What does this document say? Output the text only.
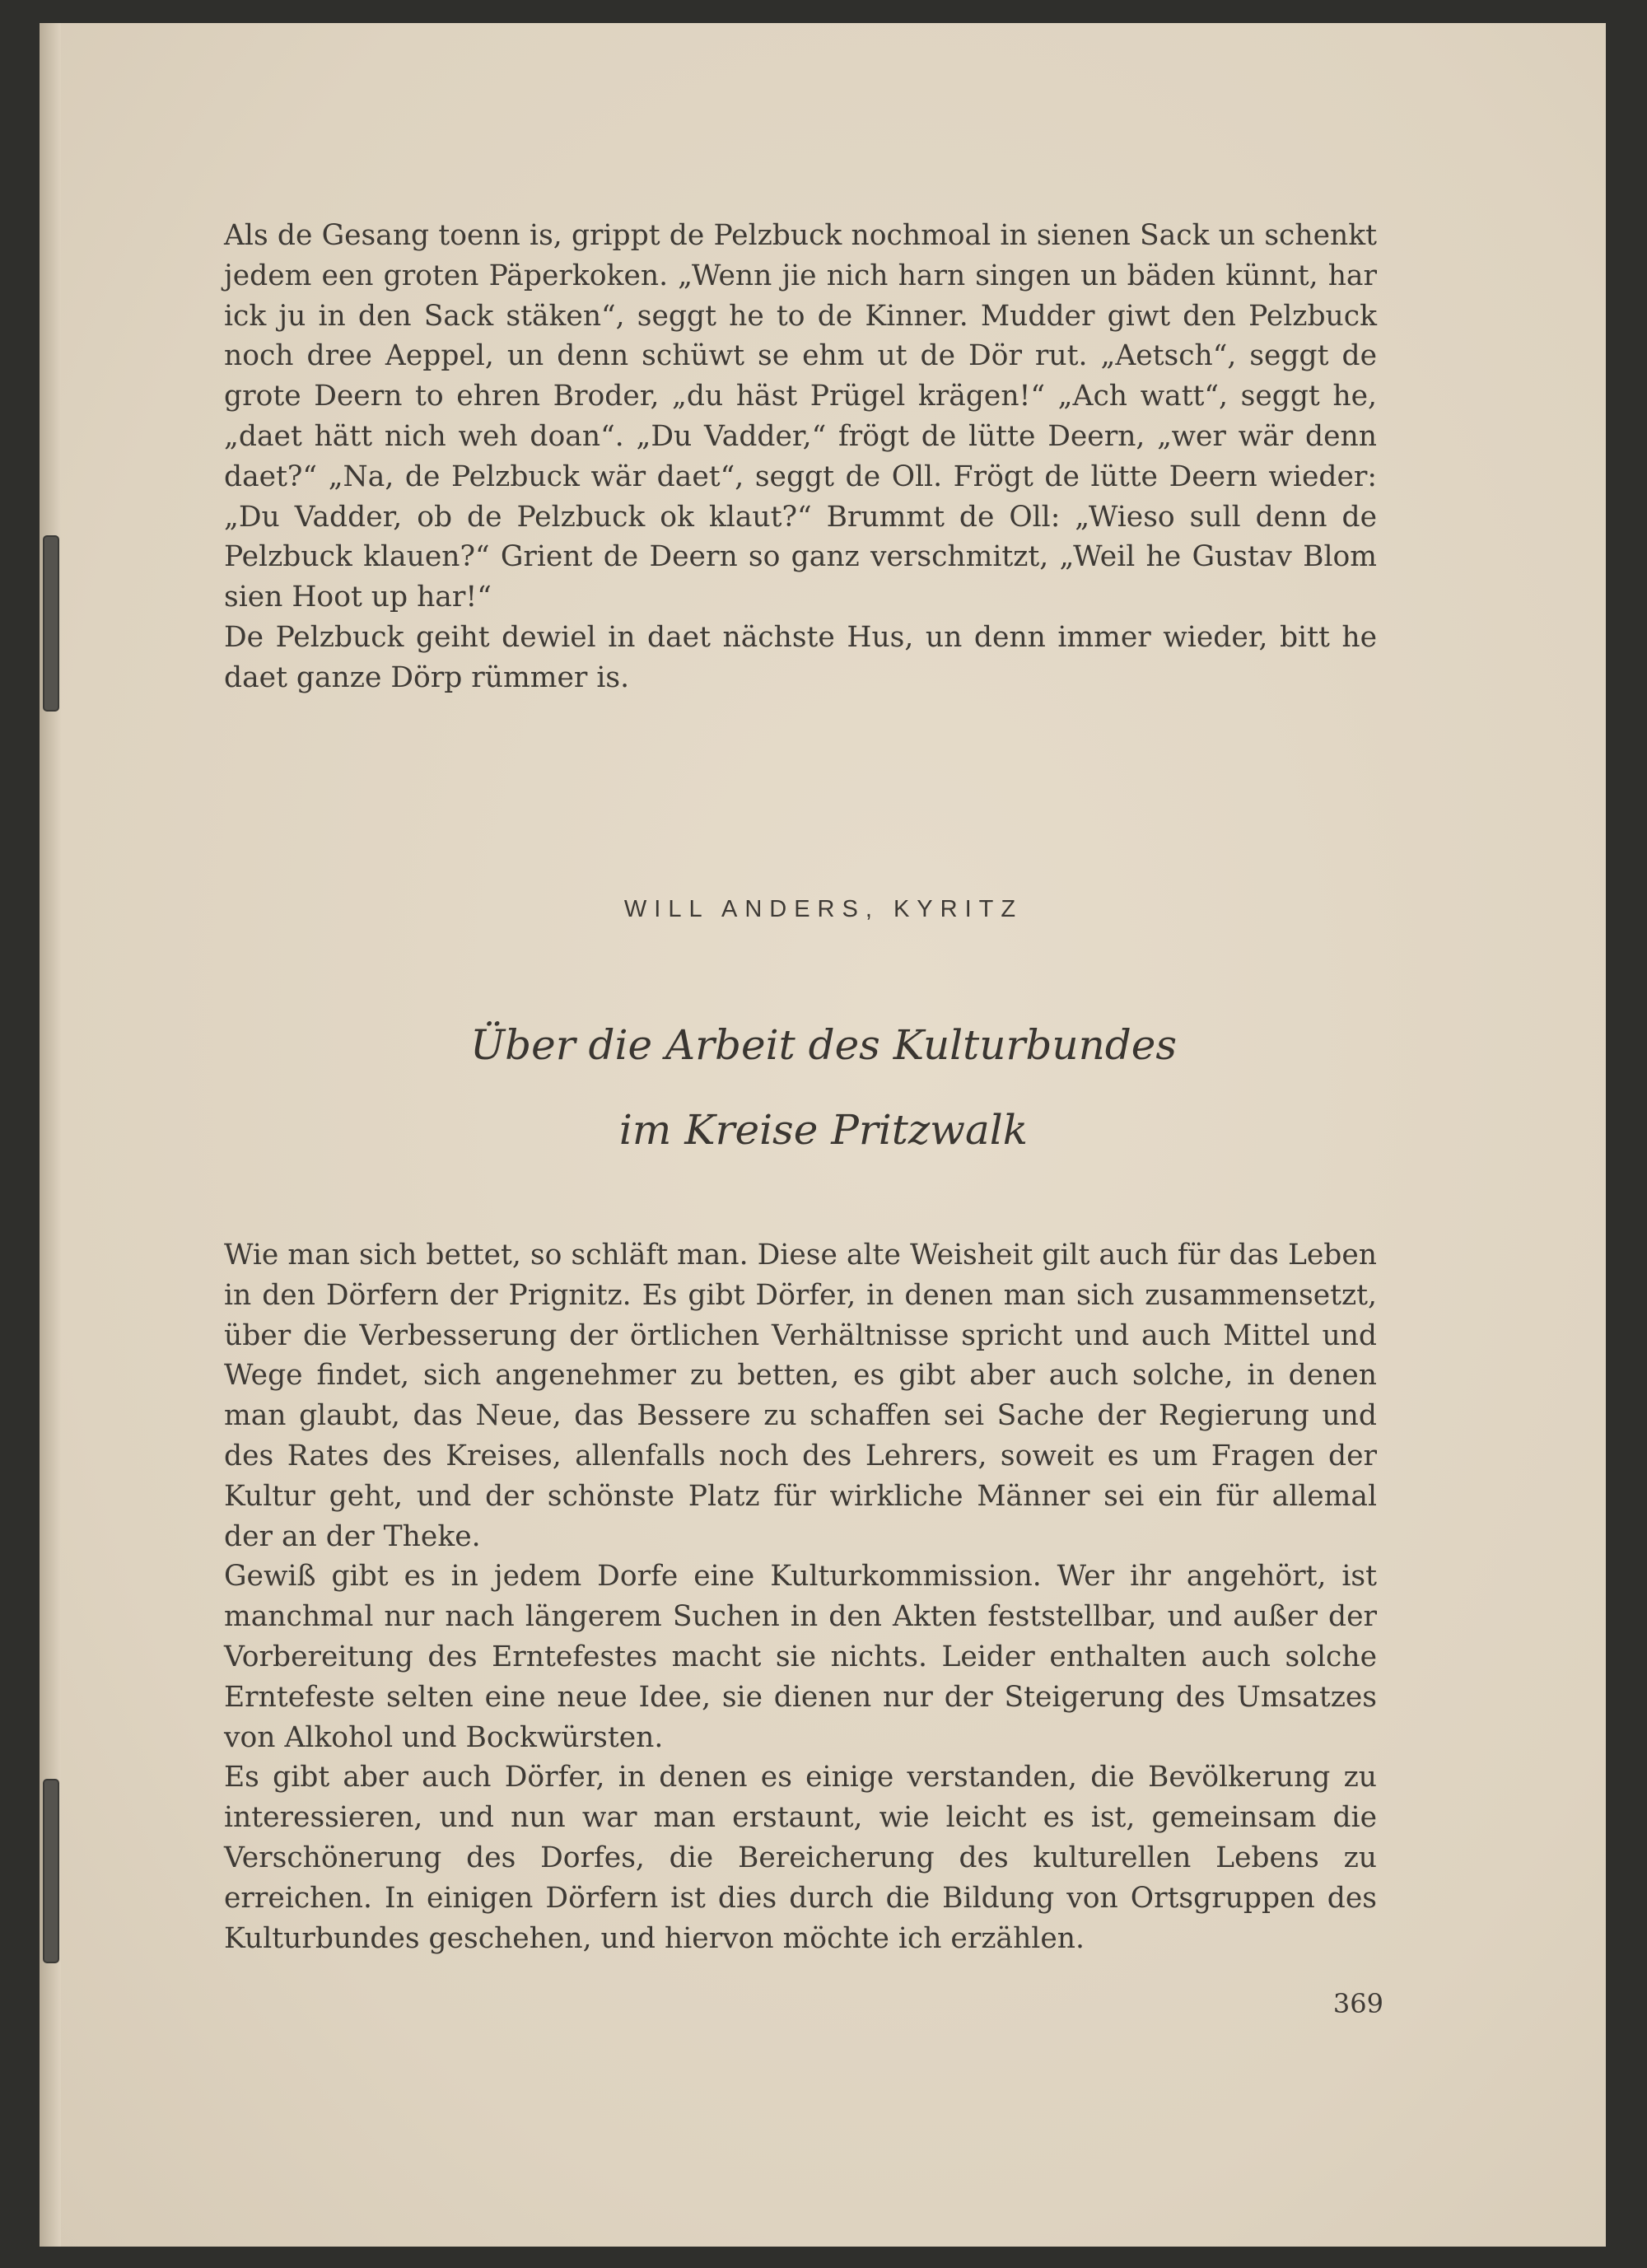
Als de Gesang toenn is, grippt de Pelzbuck nochmoal in sienen Sack un schenkt jedem een groten Päperkoken. „Wenn jie nich harn singen un bäden künnt, har ick ju in den Sack stäken“, seggt he to de Kinner. Mudder giwt den Pelzbuck noch dree Aeppel, un denn schüwt se ehm ut de Dör rut. „Aetsch“, seggt de grote Deern to ehren Broder, „du häst Prügel krägen!“ „Ach watt“, seggt he, „daet hätt nich weh doan“. „Du Vadder,“ frögt de lütte Deern, „wer wär denn daet?“ „Na, de Pelzbuck wär daet“, seggt de Oll. Frögt de lütte Deern wieder: „Du Vadder, ob de Pelzbuck ok klaut?“ Brummt de Oll: „Wieso sull denn de Pelzbuck klauen?“ Grient de Deern so ganz verschmitzt, „Weil he Gustav Blom sien Hoot up har!“

De Pelzbuck geiht dewiel in daet nächste Hus, un denn immer wieder, bitt he daet ganze Dörp rümmer is.

WILL ANDERS, KYRITZ
Über die Arbeit des Kulturbundes
im Kreise Pritzwalk

Wie man sich bettet, so schläft man. Diese alte Weisheit gilt auch für das Leben in den Dörfern der Prignitz. Es gibt Dörfer, in denen man sich zusammensetzt, über die Verbesserung der örtlichen Verhältnisse spricht und auch Mittel und Wege findet, sich angenehmer zu betten, es gibt aber auch solche, in denen man glaubt, das Neue, das Bessere zu schaffen sei Sache der Regierung und des Rates des Kreises, allenfalls noch des Lehrers, soweit es um Fragen der Kultur geht, und der schönste Platz für wirkliche Männer sei ein für allemal der an der Theke.

Gewiß gibt es in jedem Dorfe eine Kulturkommission. Wer ihr angehört, ist manchmal nur nach längerem Suchen in den Akten feststellbar, und außer der Vorbereitung des Erntefestes macht sie nichts. Leider enthalten auch solche Erntefeste selten eine neue Idee, sie dienen nur der Steigerung des Umsatzes von Alkohol und Bockwürsten.

Es gibt aber auch Dörfer, in denen es einige verstanden, die Bevölkerung zu interessieren, und nun war man erstaunt, wie leicht es ist, gemeinsam die Verschönerung des Dorfes, die Bereicherung des kulturellen Lebens zu erreichen. In einigen Dörfern ist dies durch die Bildung von Ortsgruppen des Kulturbundes geschehen, und hiervon möchte ich erzählen.

369
